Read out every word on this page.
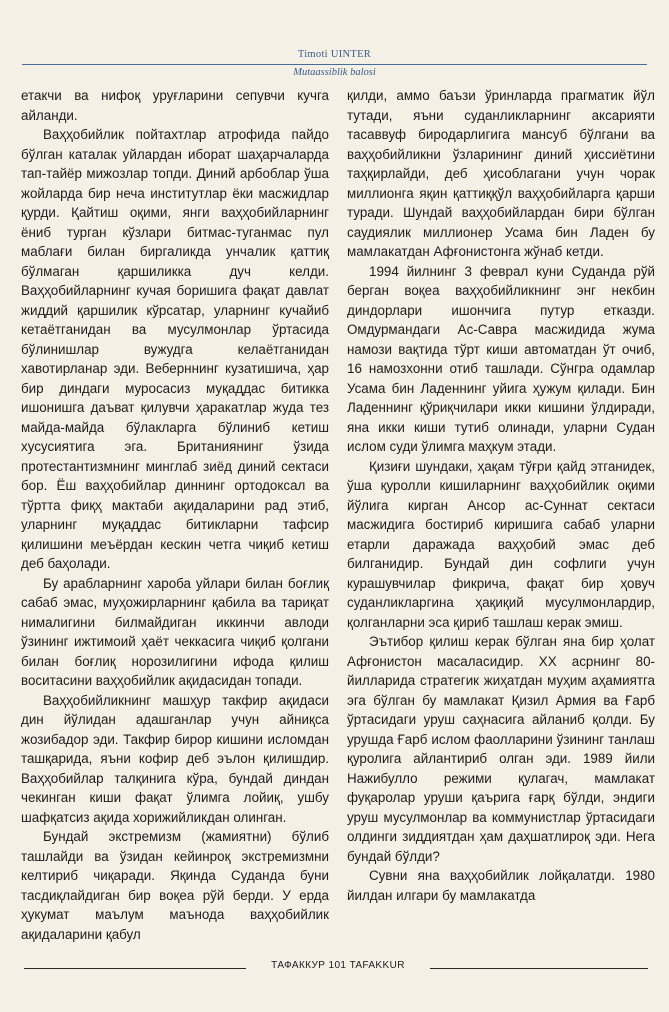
Timoti UINTER
Mutaassiblik balosi

етакчи ва нифоқ уруғларини сепувчи кучга айланди.

Ваҳҳобийлик пойтахтлар атрофида пайдо бўлган каталак уйлардан иборат шаҳарчаларда тап-тайёр мижозлар топди. Диний арбоблар ўша жойларда бир неча институтлар ёки масжидлар қурди. Қайтиш оқими, янги ваҳҳобийларнинг ёниб турган кўзлари битмас-туганмас пул маблағи билан биргаликда унчалик қаттиқ бўлмаган қаршиликка дуч келди. Ваҳҳобийларнинг кучая боришига фақат давлат жиддий қаршилик кўрсатар, уларнинг кучайиб кетаётганидан ва мусулмонлар ўртасида бўлинишлар вужудга келаётганидан хавотирланар эди. Веберннинг кузатишича, ҳар бир диндаги муросасиз муқаддас битикка ишонишга даъват қилувчи ҳаракатлар жуда тез майда-майда бўлакларга бўлиниб кетиш хусусиятига эга. Британиянинг ўзида протестантизмнинг минглаб зиёд диний сектаси бор. Ёш ваҳҳобийлар диннинг ортодоксал ва тўртта фиқҳ мактаби ақидаларини рад этиб, уларнинг муқаддас битикларни тафсир қилишини меъёрдан кескин четга чиқиб кетиш деб баҳолади.

Бу арабларнинг хароба уйлари билан боғлиқ сабаб эмас, муҳожирларнинг қабила ва тариқат нималигини билмайдиган иккинчи авлоди ўзининг ижтимоий ҳаёт чеккасига чиқиб қолгани билан боғлиқ норозилигини ифода қилиш воситасини ваҳҳобийлик ақидасидан топади.

Ваҳҳобийликнинг машҳур такфир ақидаси дин йўлидан адашганлар учун айниқса жозибадор эди. Такфир бирор кишини исломдан ташқарида, яъни кофир деб эълон қилишдир. Ваҳҳобийлар талқинига кўра, бундай диндан чекинган киши фақат ўлимга лойиқ, ушбу шафқатсиз ақида хорижийликдан олинган.

Бундай экстремизм (жамиятни) бўлиб ташлайди ва ўзидан кейинроқ экстремизмни келтириб чиқаради. Яқинда Суданда буни тасдиқлайдиган бир воқеа рўй берди. У ерда ҳукумат маълум маънода ваҳҳобийлик ақидаларини қабул

қилди, аммо баъзи ўринларда прагматик йўл тутади, яъни суданликларнинг аксарияти тасаввуф биродарлигига мансуб бўлгани ва ваҳҳобийликни ўзларининг диний ҳиссиётини таҳқирлайди, деб ҳисоблагани учун чорак миллионга яқин қаттиққўл ваҳҳобийларга қарши туради. Шундай ваҳҳобийлардан бири бўлган саудиялик миллионер Усама бин Ладен бу мамлакатдан Афғонистонга жўнаб кетди.

1994 йилнинг 3 феврал куни Суданда рўй берган воқеа ваҳҳобийликнинг энг некбин диндорлари ишончига путур етказди. Омдурмандаги Ас-Савра масжидида жума намози вақтида тўрт киши автоматдан ўт очиб, 16 намозхонни отиб ташлади. Сўнгра одамлар Усама бин Ладеннинг уйига ҳужум қилади. Бин Ладеннинг қўриқчилари икки кишини ўлдиради, яна икки киши тутиб олинади, уларни Судан ислом суди ўлимга маҳкум этади.

Қизиғи шундаки, ҳақам тўғри қайд этганидек, ўша қуролли кишиларнинг ваҳҳобийлик оқими йўлига кирган Ансор ас-Суннат сектаси масжидига бостириб киришига сабаб уларни етарли даражада ваҳҳобий эмас деб билганидир. Бундай дин софлиги учун курашувчилар фикрича, фақат бир ҳовуч суданликларгина ҳақиқий мусулмонлардир, қолганларни эса қириб ташлаш керак эмиш.

Эътибор қилиш керак бўлган яна бир ҳолат Афғонистон масаласидир. XX асрнинг 80-йилларида стратегик жиҳатдан муҳим аҳамиятга эга бўлган бу мамлакат Қизил Армия ва Ғарб ўртасидаги уруш саҳнасига айланиб қолди. Бу урушда Ғарб ислом фаолларини ўзининг танлаш қуролига айлантириб олган эди. 1989 йили Нажибулло режими қулагач, мамлакат фуқаролар уруши қаърига ғарқ бўлди, эндиги уруш мусулмонлар ва коммунистлар ўртасидаги олдинги зиддиятдан ҳам даҳшатлироқ эди. Нега бундай бўлди?

Сувни яна ваҳҳобийлик лойқалатди. 1980 йилдан илгари бу мамлакатда

ТАФАККУР 101 TAFAKKUR
